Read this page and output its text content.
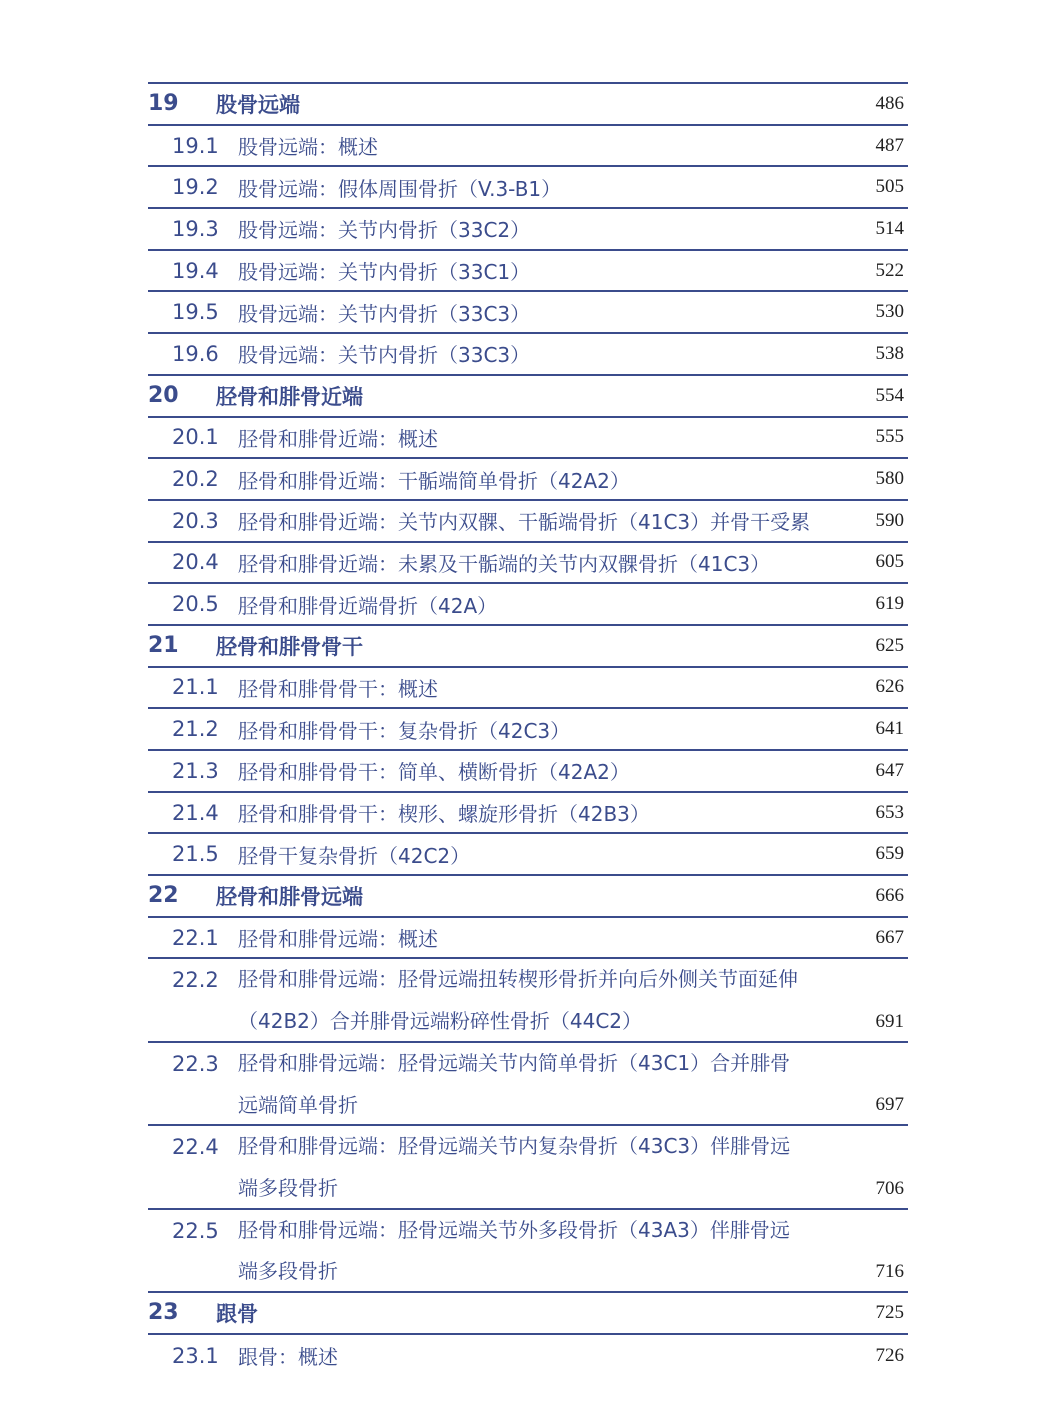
19	股骨远端	486
19.1 股骨远端：概述	487
19.2 股骨远端：假体周围骨折（V.3-B1）	505
19.3 股骨远端：关节内骨折（33C2）	514
19.4 股骨远端：关节内骨折（33C1）	522
19.5 股骨远端：关节内骨折（33C3）	530
19.6 股骨远端：关节内骨折（33C3）	538
20	胫骨和腓骨近端	554
20.1 胫骨和腓骨近端：概述	555
20.2 胫骨和腓骨近端：干骺端简单骨折（42A2）	580
20.3 胫骨和腓骨近端：关节内双髁、干骺端骨折（41C3）并骨干受累	590
20.4 胫骨和腓骨近端：未累及干骺端的关节内双髁骨折（41C3）	605
20.5 胫骨和腓骨近端骨折（42A）	619
21	胫骨和腓骨骨干	625
21.1 胫骨和腓骨骨干：概述	626
21.2 胫骨和腓骨骨干：复杂骨折（42C3）	641
21.3 胫骨和腓骨骨干：简单、横断骨折（42A2）	647
21.4 胫骨和腓骨骨干：楔形、螺旋形骨折（42B3）	653
21.5 胫骨干复杂骨折（42C2）	659
22	胫骨和腓骨远端	666
22.1 胫骨和腓骨远端：概述	667
22.2 胫骨和腓骨远端：胫骨远端扭转楔形骨折并向后外侧关节面延伸（42B2）合并腓骨远端粉碎性骨折（44C2）	691
22.3 胫骨和腓骨远端：胫骨远端关节内简单骨折（43C1）合并腓骨远端简单骨折	697
22.4 胫骨和腓骨远端：胫骨远端关节内复杂骨折（43C3）伴腓骨远端多段骨折	706
22.5 胫骨和腓骨远端：胫骨远端关节外多段骨折（43A3）伴腓骨远端多段骨折	716
23	跟骨	725
23.1 跟骨：概述	726
